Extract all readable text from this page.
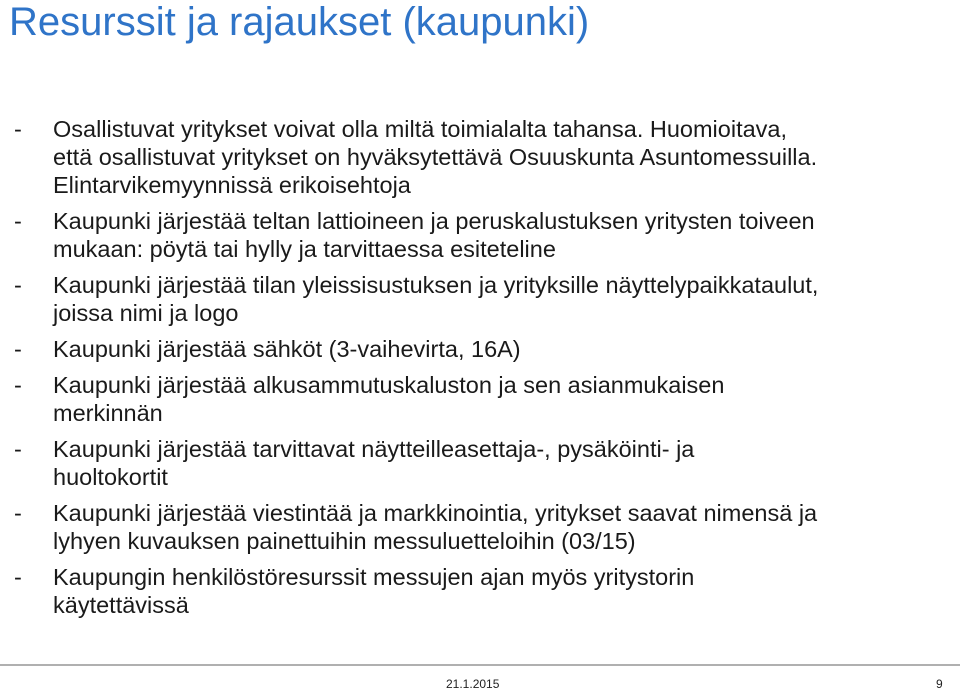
Resurssit ja rajaukset (kaupunki)
- Osallistuvat yritykset voivat olla miltä toimialalta tahansa. Huomioitava,
että osallistuvat yritykset on hyväksytettävä Osuuskunta Asuntomessuilla.
Elintarvikemyynnissä erikoisehtoja
- Kaupunki järjestää teltan lattioineen ja peruskalustuksen yritysten toiveen
mukaan: pöytä tai hylly ja tarvittaessa esiteteline
- Kaupunki järjestää tilan yleissisustuksen ja yrityksille näyttelypaikkataulut,
joissa nimi ja logo
- Kaupunki järjestää sähköt (3-vaihevirta, 16A)
- Kaupunki järjestää alkusammutuskaluston ja sen asianmukaisen
merkinnän
- Kaupunki järjestää tarvittavat näytteilleasettaja-, pysäköinti- ja
huoltokortit
- Kaupunki järjestää viestintää ja markkinointia, yritykset saavat nimensä ja
lyhyen kuvauksen painettuihin messuluetteloihin (03/15)
- Kaupungin henkilöstöresurssit messujen ajan myös yritystorin
käytettävissä
21.1.2015	9
